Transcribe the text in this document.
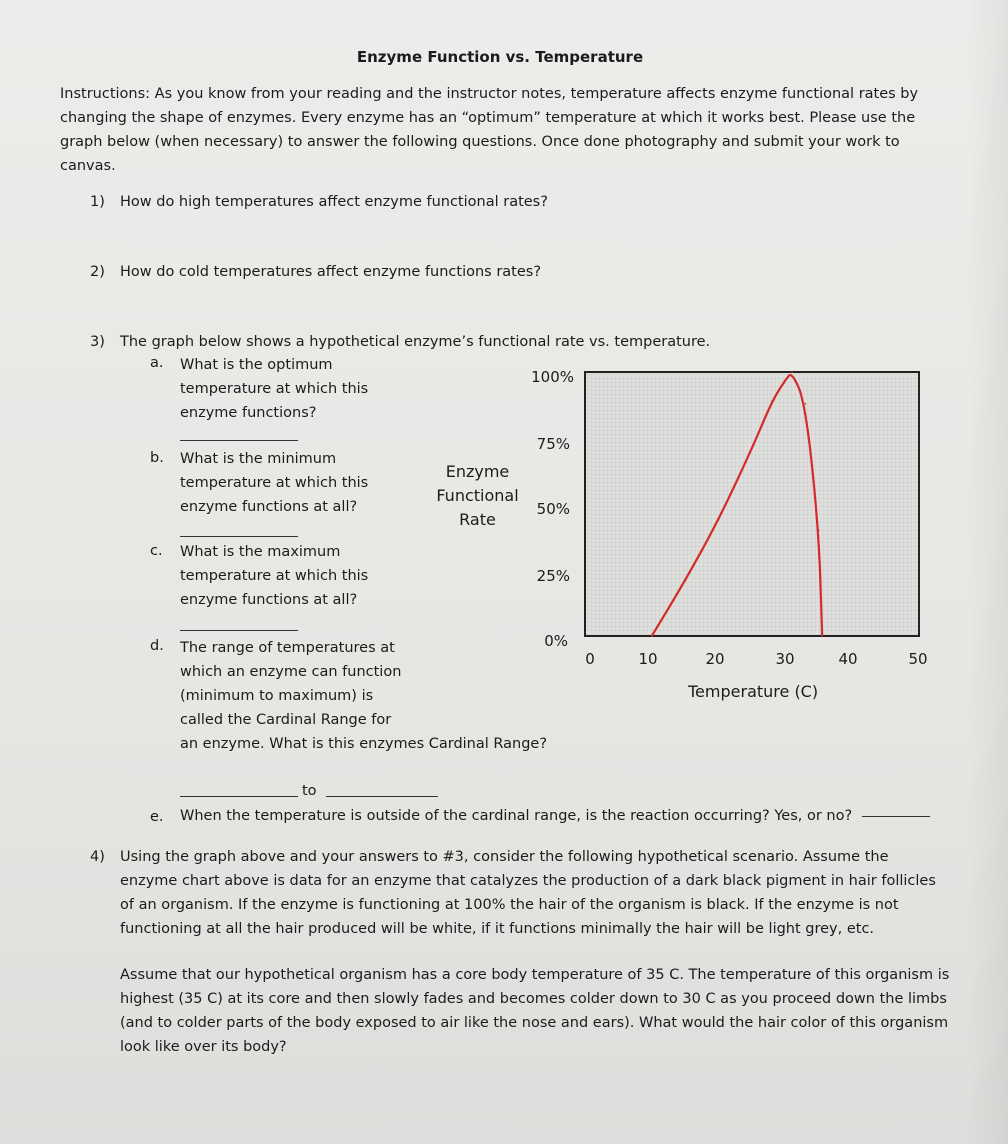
Enzyme Function vs. Temperature
Instructions: As you know from your reading and the instructor notes, temperature affects enzyme functional rates by changing the shape of enzymes. Every enzyme has an “optimum” temperature at which it works best. Please use the graph below (when necessary) to answer the following questions. Once done photography and submit your work to canvas.
1) How do high temperatures affect enzyme functional rates?
2) How do cold temperatures affect enzyme functions rates?
3) The graph below shows a hypothetical enzyme’s functional rate vs. temperature.
a. What is the optimum temperature at which this enzyme functions?
b. What is the minimum temperature at which this enzyme functions at all?
c. What is the maximum temperature at which this enzyme functions at all?
d. The range of temperatures at which an enzyme can function (minimum to maximum) is called the Cardinal Range for
an enzyme. What is this enzymes Cardinal Range?
to
e. When the temperature is outside of the cardinal range, is the reaction occurring? Yes, or no?
Enzyme Functional Rate
100%
75%
50%
25%
0%
0	10	20	30	40	50
Temperature (C)
4) Using the graph above and your answers to #3, consider the following hypothetical scenario. Assume the enzyme chart above is data for an enzyme that catalyzes the production of a dark black pigment in hair follicles of an organism. If the enzyme is functioning at 100% the hair of the organism is black. If the enzyme is not functioning at all the hair produced will be white, if it functions minimally the hair will be light grey, etc.
Assume that our hypothetical organism has a core body temperature of 35 C. The temperature of this organism is highest (35 C) at its core and then slowly fades and becomes colder down to 30 C as you proceed down the limbs (and to colder parts of the body exposed to air like the nose and ears). What would the hair color of this organism look like over its body?
